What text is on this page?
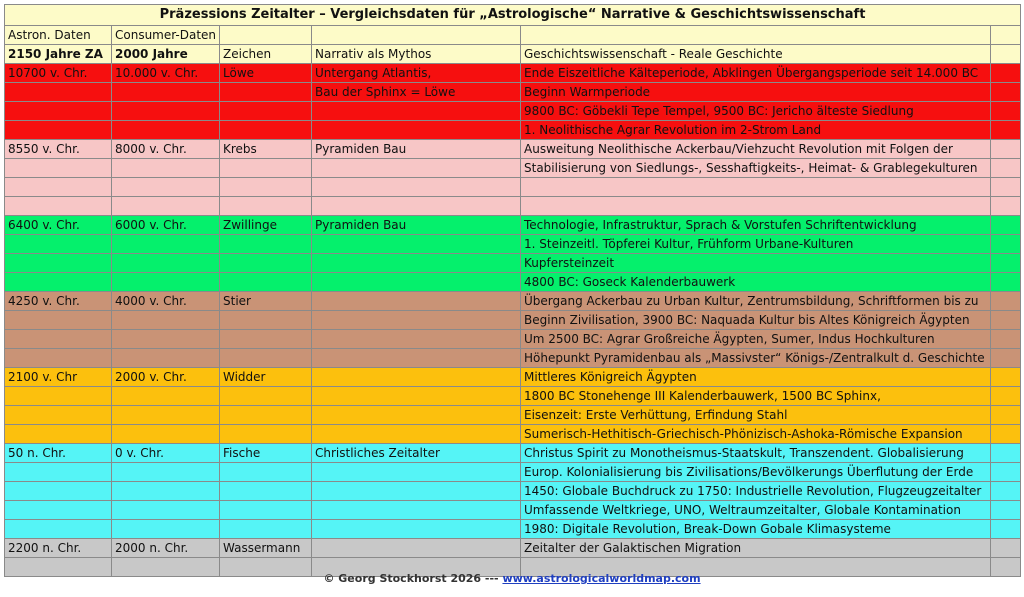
Präzessions Zeitalter – Vergleichsdaten für „Astrologische“ Narrative & Geschichtswissenschaft					
Astron. Daten	Consumer-Daten				
2150 Jahre ZA	2000 Jahre	Zeichen	Narrativ als Mythos	Geschichtswissenschaft - Reale Geschichte	
10700 v. Chr.	10.000 v. Chr.	Löwe	Untergang Atlantis,	Ende Eiszeitliche Kälteperiode, Abklingen Übergangsperiode seit 14.000 BC	
			Bau der Sphinx = Löwe	Beginn Warmperiode	
				9800 BC: Göbekli Tepe Tempel, 9500 BC: Jericho älteste Siedlung	
				1. Neolithische Agrar Revolution im 2-Strom Land	
8550 v. Chr.	8000 v. Chr.	Krebs	Pyramiden Bau	Ausweitung Neolithische Ackerbau/Viehzucht Revolution mit Folgen der	
				Stabilisierung von Siedlungs-, Sesshaftigkeits-, Heimat- & Grablegekulturen	

6400 v. Chr.	6000 v. Chr.	Zwillinge	Pyramiden Bau	Technologie, Infrastruktur, Sprach & Vorstufen Schriftentwicklung	
				1. Steinzeitl. Töpferei Kultur, Frühform Urbane-Kulturen	
				Kupfersteinzeit	
				4800 BC: Goseck Kalenderbauwerk	
4250 v. Chr.	4000 v. Chr.	Stier		Übergang Ackerbau zu Urban Kultur, Zentrumsbildung, Schriftformen bis zu	
				Beginn Zivilisation, 3900 BC: Naquada Kultur bis Altes Königreich Ägypten	
				Um 2500 BC: Agrar Großreiche Ägypten, Sumer, Indus Hochkulturen	
				Höhepunkt Pyramidenbau als „Massivster“ Königs-/Zentralkult d. Geschichte	
2100 v. Chr	2000 v. Chr.	Widder		Mittleres Königreich Ägypten	
				1800 BC Stonehenge III Kalenderbauwerk, 1500 BC Sphinx,	
				Eisenzeit: Erste Verhüttung, Erfindung Stahl	
				Sumerisch-Hethitisch-Griechisch-Phönizisch-Ashoka-Römische Expansion	
50 n. Chr.	0 v. Chr.	Fische	Christliches Zeitalter	Christus Spirit zu Monotheismus-Staatskult, Transzendent. Globalisierung	
				Europ. Kolonialisierung bis Zivilisations/Bevölkerungs Überflutung der Erde	
				1450: Globale Buchdruck zu 1750: Industrielle Revolution, Flugzeugzeitalter	
				Umfassende Weltkriege, UNO, Weltraumzeitalter, Globale Kontamination	
				1980: Digitale Revolution, Break-Down Gobale Klimasysteme	
2200 n. Chr.	2000 n. Chr.	Wassermann		Zeitalter der Galaktischen Migration	

© Georg Stockhorst 2026 --- www.astrologicalworldmap.com
